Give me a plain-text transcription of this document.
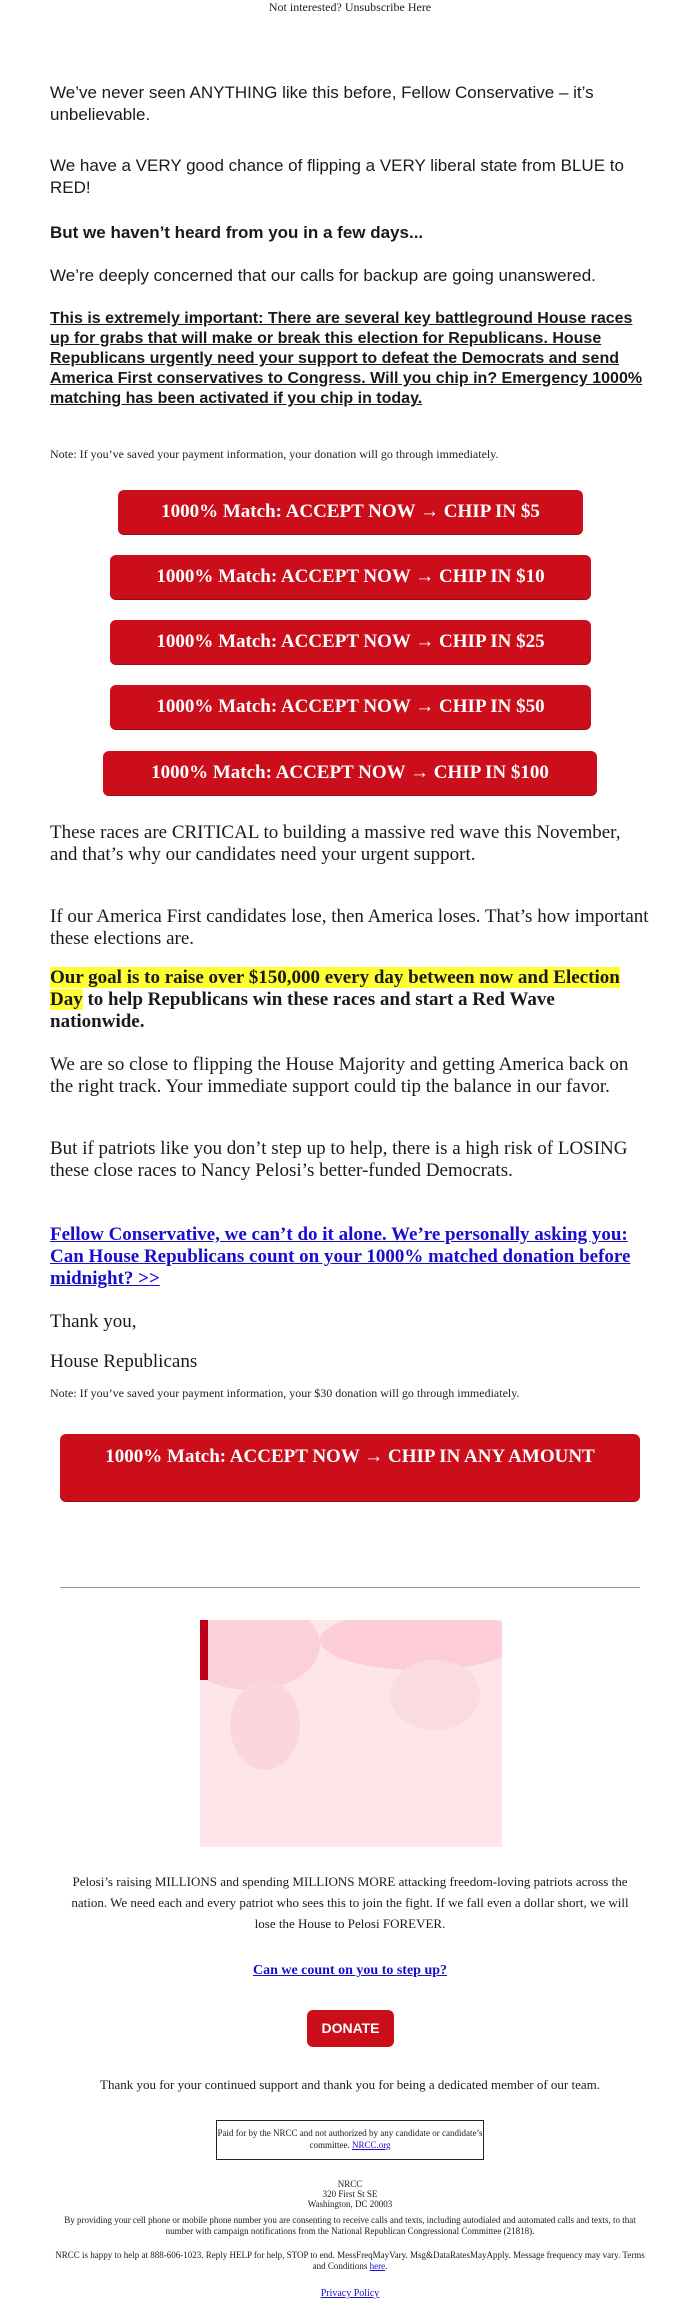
Not interested? Unsubscribe Here

We’ve never seen ANYTHING like this before, Fellow Conservative – it’s unbelievable.

We have a VERY good chance of flipping a VERY liberal state from BLUE to RED!

But we haven’t heard from you in a few days...

We’re deeply concerned that our calls for backup are going unanswered.

This is extremely important: There are several key battleground House races up for grabs that will make or break this election for Republicans. House Republicans urgently need your support to defeat the Democrats and send America First conservatives to Congress. Will you chip in? Emergency 1000% matching has been activated if you chip in today.

Note: If you’ve saved your payment information, your donation will go through immediately.
1000% Match: ACCEPT NOW → CHIP IN $5
1000% Match: ACCEPT NOW → CHIP IN $10
1000% Match: ACCEPT NOW → CHIP IN $25
1000% Match: ACCEPT NOW → CHIP IN $50
1000% Match: ACCEPT NOW → CHIP IN $100

These races are CRITICAL to building a massive red wave this November, and that’s why our candidates need your urgent support.

If our America First candidates lose, then America loses. That’s how important these elections are.

Our goal is to raise over $150,000 every day between now and Election Day to help Republicans win these races and start a Red Wave nationwide.

We are so close to flipping the House Majority and getting America back on the right track. Your immediate support could tip the balance in our favor.

But if patriots like you don’t step up to help, there is a high risk of LOSING these close races to Nancy Pelosi’s better-funded Democrats.

Fellow Conservative, we can’t do it alone. We’re personally asking you: Can House Republicans count on your 1000% matched donation before midnight? >>

Thank you,

House Republicans

Note: If you’ve saved your payment information, your $30 donation will go through immediately.
1000% Match: ACCEPT NOW → CHIP IN ANY AMOUNT
Pelosi’s raising MILLIONS and spending MILLIONS MORE attacking freedom-loving patriots across the nation. We need each and every patriot who sees this to join the fight. If we fall even a dollar short, we will lose the House to Pelosi FOREVER.
Can we count on you to step up?
DONATE
Thank you for your continued support and thank you for being a dedicated member of our team.
Paid for by the NRCC and not authorized by any candidate or candidate’s committee. NRCC.org
NRCC
320 First St SE
Washington, DC 20003
By providing your cell phone or mobile phone number you are consenting to receive calls and texts, including autodialed and automated calls and texts, to that number with campaign notifications from the National Republican Congressional Committee (21818).
NRCC is happy to help at 888-606-1023. Reply HELP for help, STOP to end. MessFreqMayVary. Msg&DataRatesMayApply. Message frequency may vary. Terms and Conditions here.
Privacy Policy
